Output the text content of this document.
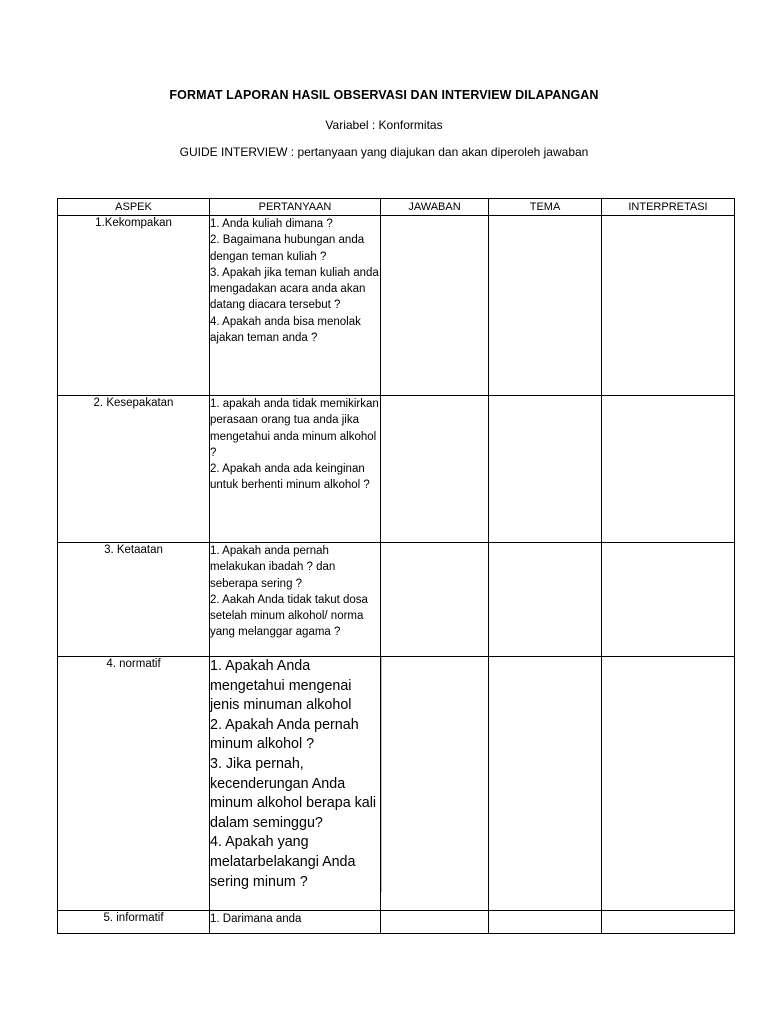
FORMAT LAPORAN HASIL OBSERVASI DAN INTERVIEW DILAPANGAN
Variabel : Konformitas
GUIDE INTERVIEW : pertanyaan yang diajukan dan akan diperoleh jawaban
ASPEK	PERTANYAAN	JAWABAN	TEMA	INTERPRETASI
1.Kekompakan	1. Anda kuliah dimana ?
2. Bagaimana hubungan anda dengan teman kuliah ?
3. Apakah jika teman kuliah anda mengadakan acara anda akan datang diacara tersebut ?
4. Apakah anda bisa menolak ajakan teman anda ?			

2. Kesepakatan	1. apakah anda tidak memikirkan perasaan orang tua anda jika mengetahui anda minum alkohol ?
2. Apakah anda ada keinginan untuk berhenti minum alkohol ?			

3. Ketaatan	1. Apakah anda pernah melakukan ibadah ? dan seberapa sering ?
2. Aakah Anda tidak takut dosa setelah minum alkohol/ norma yang melanggar agama ?			

4. normatif	1. Apakah Anda mengetahui mengenai jenis minuman alkohol
2. Apakah Anda pernah minum alkohol ?
3. Jika pernah, kecenderungan Anda minum alkohol berapa kali dalam seminggu?
4. Apakah yang melatarbelakangi Anda sering minum ?			

5. informatif	1. Darimana anda			
